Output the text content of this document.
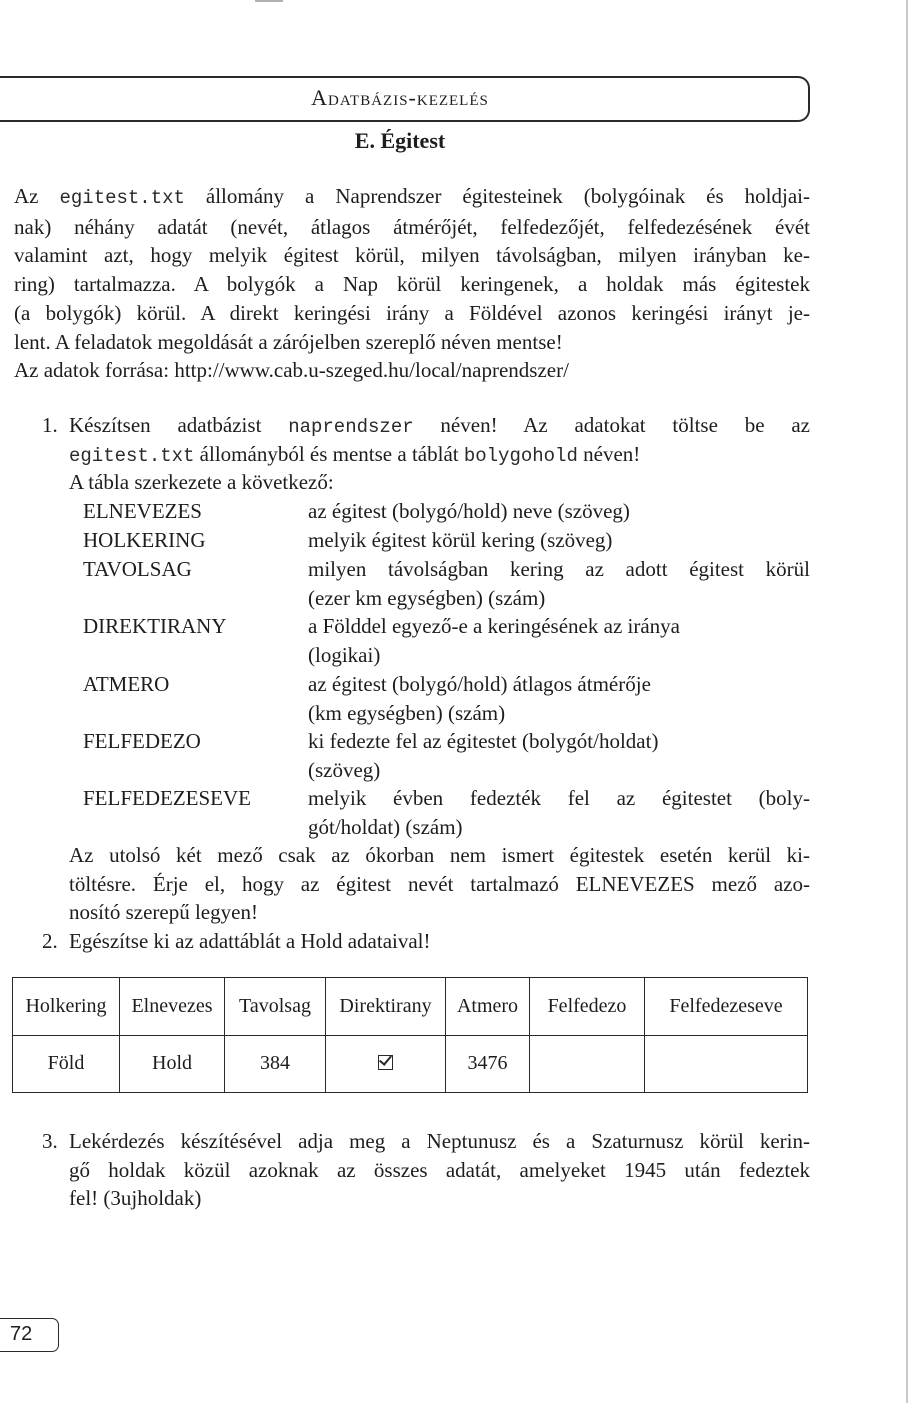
Adatbázis-kezelés
E. Égitest
Az egitest.txt állomány a Naprendszer égitesteinek (bolygóinak és holdjai-
nak) néhány adatát (nevét, átlagos átmérőjét, felfedezőjét, felfedezésének évét
valamint azt, hogy melyik égitest körül, milyen távolságban, milyen irányban ke-
ring) tartalmazza. A bolygók a Nap körül keringenek, a holdak más égitestek
(a bolygók) körül. A direkt keringési irány a Földével azonos keringési irányt je-
lent. A feladatok megoldását a zárójelben szereplő néven mentse!
Az adatok forrása: http://www.cab.u-szeged.hu/local/naprendszer/
1. Készítsen adatbázist naprendszer néven! Az adatokat töltse be az
egitest.txt állományból és mentse a táblát bolygohold néven!
A tábla szerkezete a következő:
ELNEVEZES	az égitest (bolygó/hold) neve (szöveg)
HOLKERING	melyik égitest körül kering (szöveg)
TAVOLSAG	milyen távolságban kering az adott égitest körül
(ezer km egységben) (szám)
DIREKTIRANY	a Földdel egyező-e a keringésének az iránya
(logikai)
ATMERO	az égitest (bolygó/hold) átlagos átmérője
(km egységben) (szám)
FELFEDEZO	ki fedezte fel az égitestet (bolygót/holdat)
(szöveg)
FELFEDEZESEVE	melyik évben fedezték fel az égitestet (boly-
gót/holdat) (szám)
Az utolsó két mező csak az ókorban nem ismert égitestek esetén kerül ki-
töltésre. Érje el, hogy az égitest nevét tartalmazó ELNEVEZES mező azo-
nosító szerepű legyen!
2. Egészítse ki az adattáblát a Hold adataival!
Holkering	Elnevezes	Tavolsag	Direktirany	Atmero	Felfedezo	Felfedezeseve
Föld	Hold	384		3476		
3. Lekérdezés készítésével adja meg a Neptunusz és a Szaturnusz körül kerin-
gő holdak közül azoknak az összes adatát, amelyeket 1945 után fedeztek
fel! (3ujholdak)
72
